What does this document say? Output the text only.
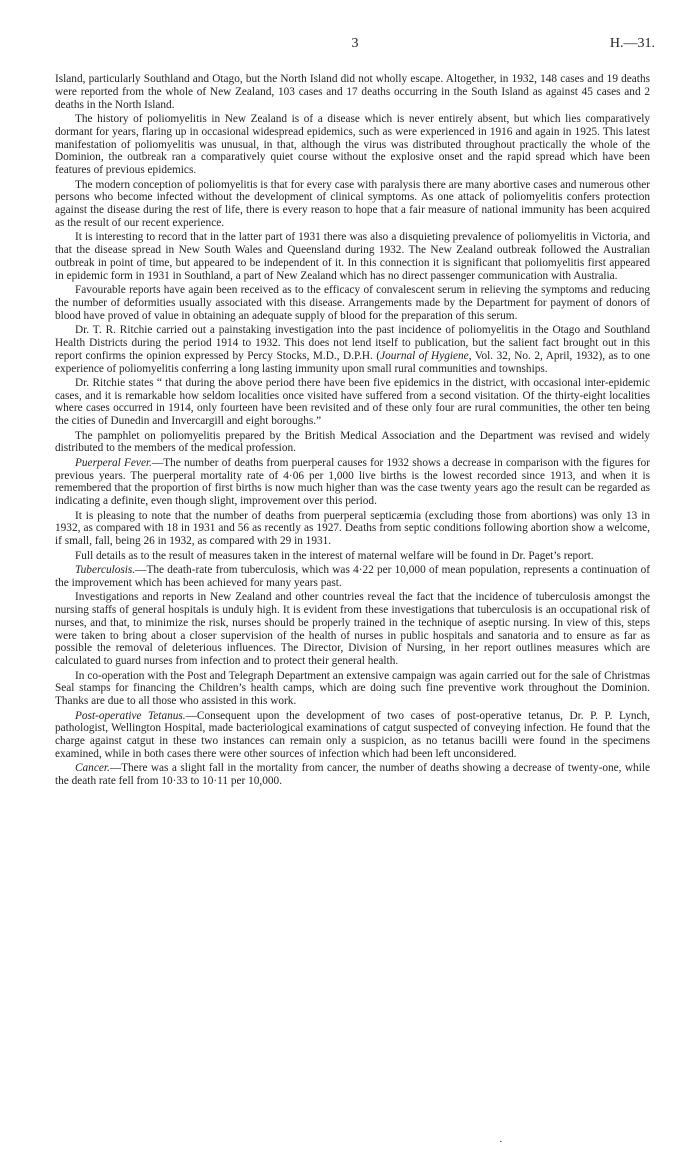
3	H.—31.

Island, particularly Southland and Otago, but the North Island did not wholly escape. Altogether, in 1932, 148 cases and 19 deaths were reported from the whole of New Zealand, 103 cases and 17 deaths occurring in the South Island as against 45 cases and 2 deaths in the North Island.

The history of poliomyelitis in New Zealand is of a disease which is never entirely absent, but which lies comparatively dormant for years, flaring up in occasional widespread epidemics, such as were experienced in 1916 and again in 1925. This latest manifestation of poliomyelitis was unusual, in that, although the virus was distributed throughout practically the whole of the Dominion, the outbreak ran a comparatively quiet course without the explosive onset and the rapid spread which have been features of previous epidemics.

The modern conception of poliomyelitis is that for every case with paralysis there are many abortive cases and numerous other persons who become infected without the development of clinical symptoms. As one attack of poliomyelitis confers protection against the disease during the rest of life, there is every reason to hope that a fair measure of national immunity has been acquired as the result of our recent experience.

It is interesting to record that in the latter part of 1931 there was also a disquieting prevalence of poliomyelitis in Victoria, and that the disease spread in New South Wales and Queensland during 1932. The New Zealand outbreak followed the Australian outbreak in point of time, but appeared to be independent of it. In this connection it is significant that poliomyelitis first appeared in epidemic form in 1931 in Southland, a part of New Zealand which has no direct passenger communication with Australia.

Favourable reports have again been received as to the efficacy of convalescent serum in relieving the symptoms and reducing the number of deformities usually associated with this disease. Arrangements made by the Department for payment of donors of blood have proved of value in obtaining an adequate supply of blood for the preparation of this serum.

Dr. T. R. Ritchie carried out a painstaking investigation into the past incidence of poliomyelitis in the Otago and Southland Health Districts during the period 1914 to 1932. This does not lend itself to publication, but the salient fact brought out in this report confirms the opinion expressed by Percy Stocks, M.D., D.P.H. (Journal of Hygiene, Vol. 32, No. 2, April, 1932), as to one experience of poliomyelitis conferring a long lasting immunity upon small rural communities and townships.

Dr. Ritchie states “ that during the above period there have been five epidemics in the district, with occasional inter-epidemic cases, and it is remarkable how seldom localities once visited have suffered from a second visitation. Of the thirty-eight localities where cases occurred in 1914, only fourteen have been revisited and of these only four are rural communities, the other ten being the cities of Dunedin and Invercargill and eight boroughs.”

The pamphlet on poliomyelitis prepared by the British Medical Association and the Department was revised and widely distributed to the members of the medical profession.

Puerperal Fever.—The number of deaths from puerperal causes for 1932 shows a decrease in comparison with the figures for previous years. The puerperal mortality rate of 4·06 per 1,000 live births is the lowest recorded since 1913, and when it is remembered that the proportion of first births is now much higher than was the case twenty years ago the result can be regarded as indicating a definite, even though slight, improvement over this period.

It is pleasing to note that the number of deaths from puerperal septicæmia (excluding those from abortions) was only 13 in 1932, as compared with 18 in 1931 and 56 as recently as 1927. Deaths from septic conditions following abortion show a welcome, if small, fall, being 26 in 1932, as compared with 29 in 1931.

Full details as to the result of measures taken in the interest of maternal welfare will be found in Dr. Paget’s report.

Tuberculosis.—The death-rate from tuberculosis, which was 4·22 per 10,000 of mean population, represents a continuation of the improvement which has been achieved for many years past.

Investigations and reports in New Zealand and other countries reveal the fact that the incidence of tuberculosis amongst the nursing staffs of general hospitals is unduly high. It is evident from these investigations that tuberculosis is an occupational risk of nurses, and that, to minimize the risk, nurses should be properly trained in the technique of aseptic nursing. In view of this, steps were taken to bring about a closer supervision of the health of nurses in public hospitals and sanatoria and to ensure as far as possible the removal of deleterious influences. The Director, Division of Nursing, in her report outlines measures which are calculated to guard nurses from infection and to protect their general health.

In co-operation with the Post and Telegraph Department an extensive campaign was again carried out for the sale of Christmas Seal stamps for financing the Children’s health camps, which are doing such fine preventive work throughout the Dominion. Thanks are due to all those who assisted in this work.

Post-operative Tetanus.—Consequent upon the development of two cases of post-operative tetanus, Dr. P. P. Lynch, pathologist, Wellington Hospital, made bacteriological examinations of catgut suspected of conveying infection. He found that the charge against catgut in these two instances can remain only a suspicion, as no tetanus bacilli were found in the specimens examined, while in both cases there were other sources of infection which had been left unconsidered.

Cancer.—There was a slight fall in the mortality from cancer, the number of deaths showing a decrease of twenty-one, while the death rate fell from 10·33 to 10·11 per 10,000.

·
